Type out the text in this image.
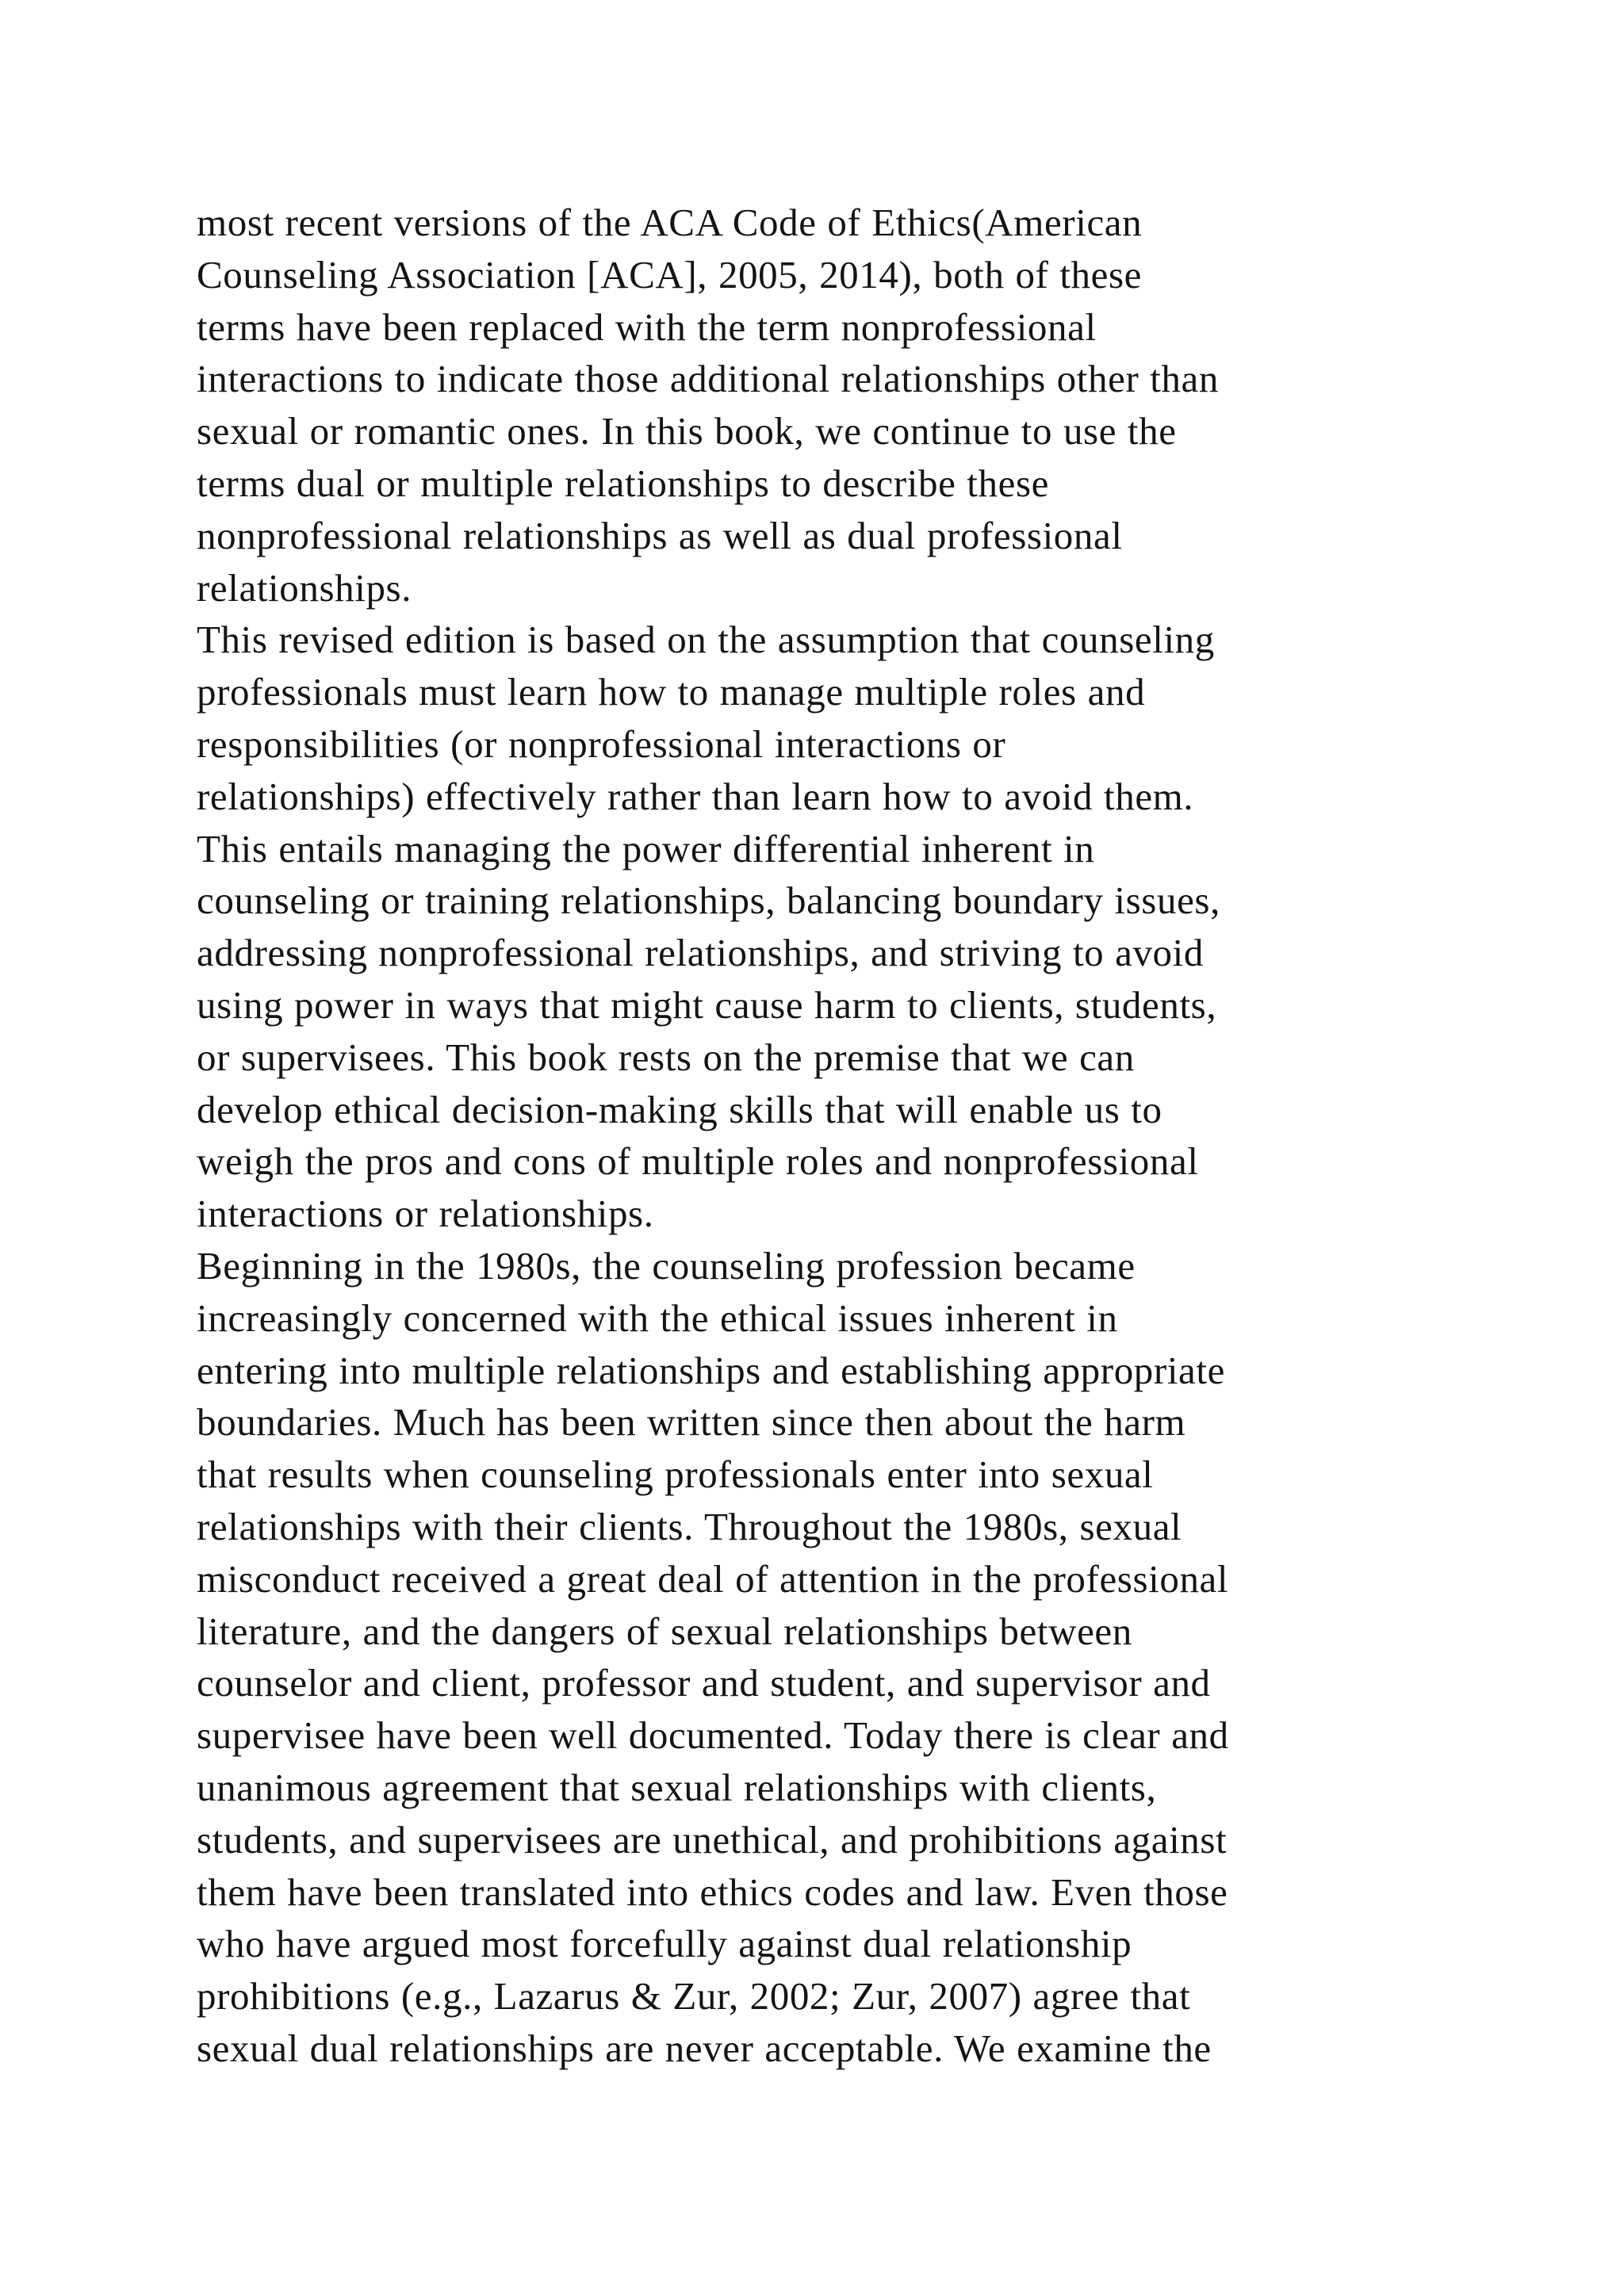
most recent versions of the ACA Code of Ethics(American
Counseling Association [ACA], 2005, 2014), both of these
terms have been replaced with the term nonprofessional
interactions to indicate those additional relationships other than
sexual or romantic ones. In this book, we continue to use the
terms dual or multiple relationships to describe these
nonprofessional relationships as well as dual professional
relationships.
This revised edition is based on the assumption that counseling
professionals must learn how to manage multiple roles and
responsibilities (or nonprofessional interactions or
relationships) effectively rather than learn how to avoid them.
This entails managing the power differential inherent in
counseling or training relationships, balancing boundary issues,
addressing nonprofessional relationships, and striving to avoid
using power in ways that might cause harm to clients, students,
or supervisees. This book rests on the premise that we can
develop ethical decision-making skills that will enable us to
weigh the pros and cons of multiple roles and nonprofessional
interactions or relationships.
Beginning in the 1980s, the counseling profession became
increasingly concerned with the ethical issues inherent in
entering into multiple relationships and establishing appropriate
boundaries. Much has been written since then about the harm
that results when counseling professionals enter into sexual
relationships with their clients. Throughout the 1980s, sexual
misconduct received a great deal of attention in the professional
literature, and the dangers of sexual relationships between
counselor and client, professor and student, and supervisor and
supervisee have been well documented. Today there is clear and
unanimous agreement that sexual relationships with clients,
students, and supervisees are unethical, and prohibitions against
them have been translated into ethics codes and law. Even those
who have argued most forcefully against dual relationship
prohibitions (e.g., Lazarus & Zur, 2002; Zur, 2007) agree that
sexual dual relationships are never acceptable. We examine the
